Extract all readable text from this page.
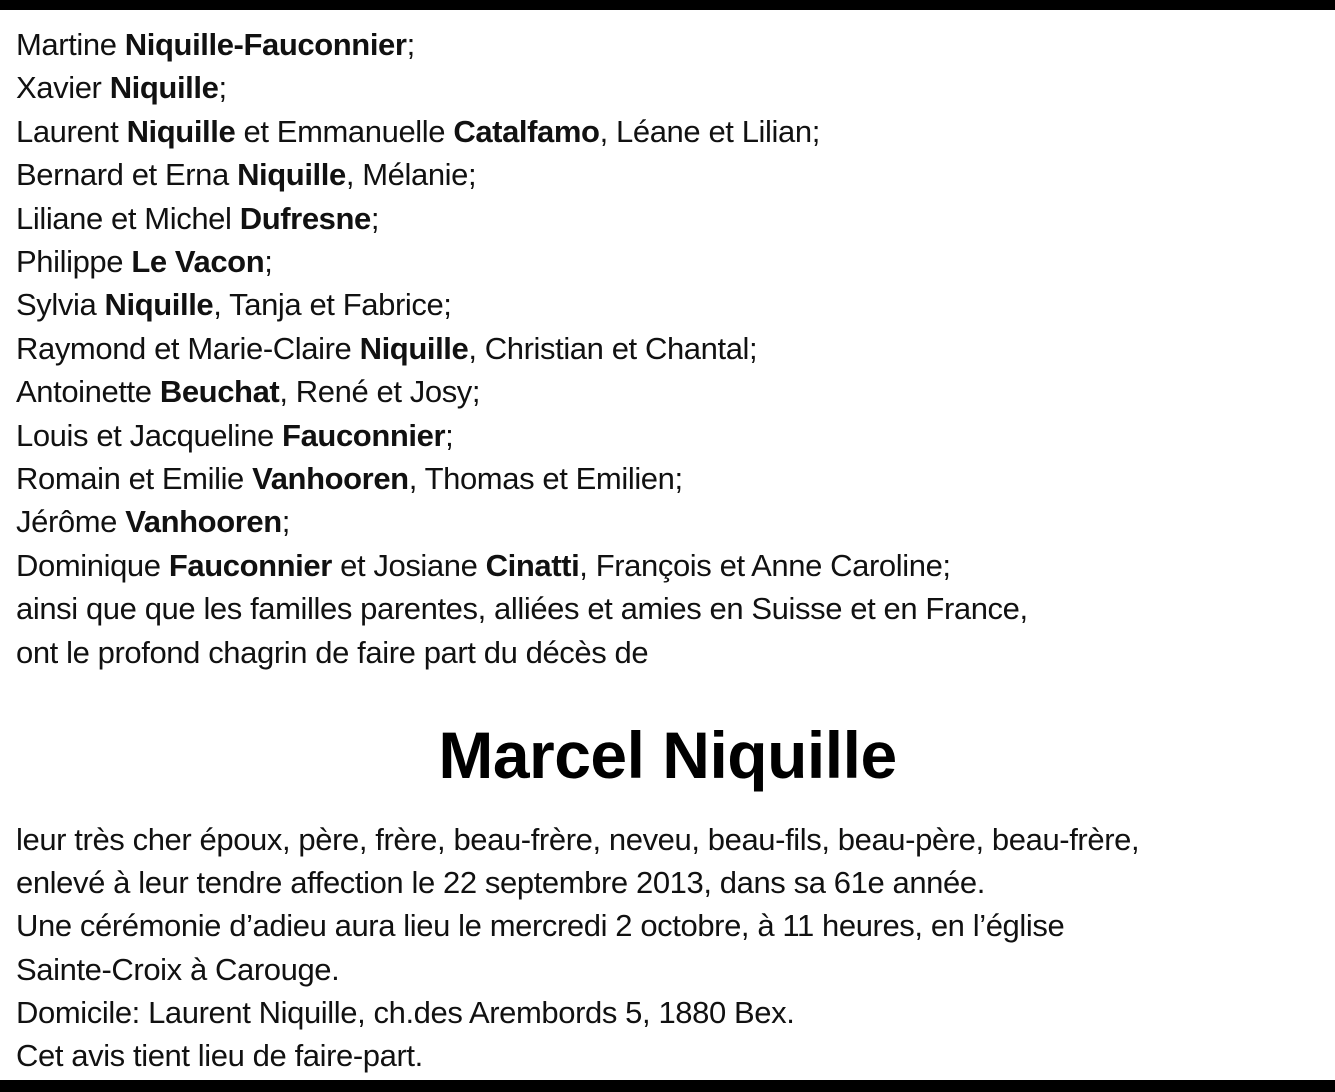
Martine Niquille-Fauconnier;
Xavier Niquille;
Laurent Niquille et Emmanuelle Catalfamo, Léane et Lilian;
Bernard et Erna Niquille, Mélanie;
Liliane et Michel Dufresne;
Philippe Le Vacon;
Sylvia Niquille, Tanja et Fabrice;
Raymond et Marie-Claire Niquille, Christian et Chantal;
Antoinette Beuchat, René et Josy;
Louis et Jacqueline Fauconnier;
Romain et Emilie Vanhooren, Thomas et Emilien;
Jérôme Vanhooren;
Dominique Fauconnier et Josiane Cinatti, François et Anne Caroline;
ainsi que que les familles parentes, alliées et amies en Suisse et en France,
ont le profond chagrin de faire part du décès de
Marcel Niquille
leur très cher époux, père, frère, beau-frère, neveu, beau-fils, beau-père, beau-frère,
enlevé à leur tendre affection le 22 septembre 2013, dans sa 61e année.
Une cérémonie d’adieu aura lieu le mercredi 2 octobre, à 11 heures, en l’église
Sainte-Croix à Carouge.
Domicile: Laurent Niquille, ch.des Arembords 5, 1880 Bex.
Cet avis tient lieu de faire-part.
